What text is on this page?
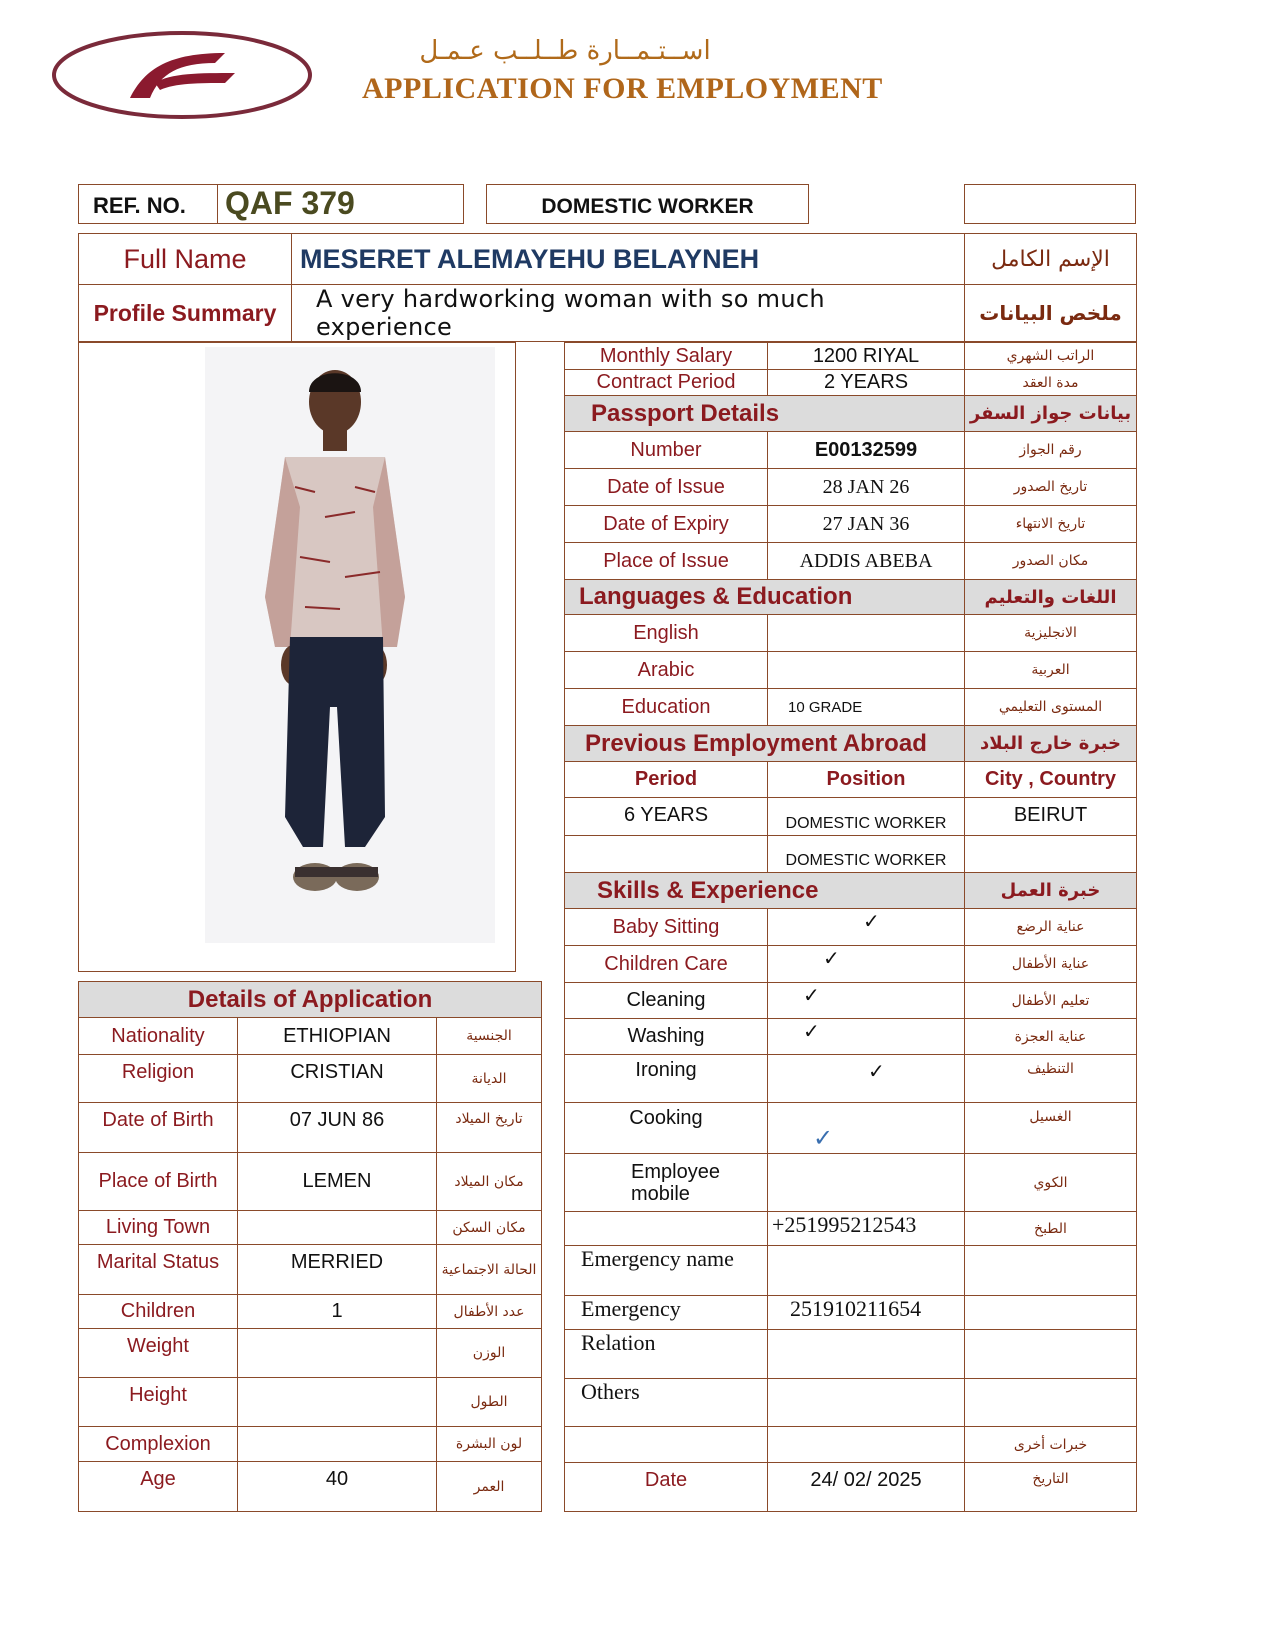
اســتـمــارة طــلــب عـمـل
APPLICATION FOR EMPLOYMENT
REF. NO. QAF 379	DOMESTIC WORKER
Full Name	MESERET ALEMAYEHU BELAYNEH	الإسم الكامل
Profile Summary	A very hardworking woman with so much experience	ملخص البيانات
Monthly Salary	1200 RIYAL	الراتب الشهري
Contract Period	2 YEARS	مدة العقد
Passport Details		بيانات جواز السفر
Number	E00132599	رقم الجواز
Date of Issue	28 JAN 26	تاريخ الصدور
Date of Expiry	27 JAN 36	تاريخ الانتهاء
Place of Issue	ADDIS ABEBA	مكان الصدور
Languages & Education		اللغات والتعليم
English		الانجليزية
Arabic		العربية
Education	10 GRADE	المستوى التعليمي
Previous Employment Abroad		خبرة خارج البلاد
Period	Position	City , Country
6 YEARS	DOMESTIC WORKER	BEIRUT
	DOMESTIC WORKER	
Skills & Experience		خبرة العمل
Baby Sitting	✓	عناية الرضع
Children Care	✓	عناية الأطفال
Cleaning	✓	تعليم الأطفال
Washing	✓	عناية العجزة
Ironing	✓	التنظيف
Cooking	✓	الغسيل
Employee mobile		الكوي
	+251995212543	الطبخ
Emergency name		
Emergency	251910211654	
Relation		
Others		
		خبرات أخرى
Date	24/ 02/ 2025	التاريخ
Details of Application		
Nationality	ETHIOPIAN	الجنسية
Religion	CRISTIAN	الديانة
Date of Birth	07 JUN 86	تاريخ الميلاد
Place of Birth	LEMEN	مكان الميلاد
Living Town		مكان السكن
Marital Status	MERRIED	الحالة الاجتماعية
Children	1	عدد الأطفال
Weight		الوزن
Height		الطول
Complexion		لون البشرة
Age	40	العمر
